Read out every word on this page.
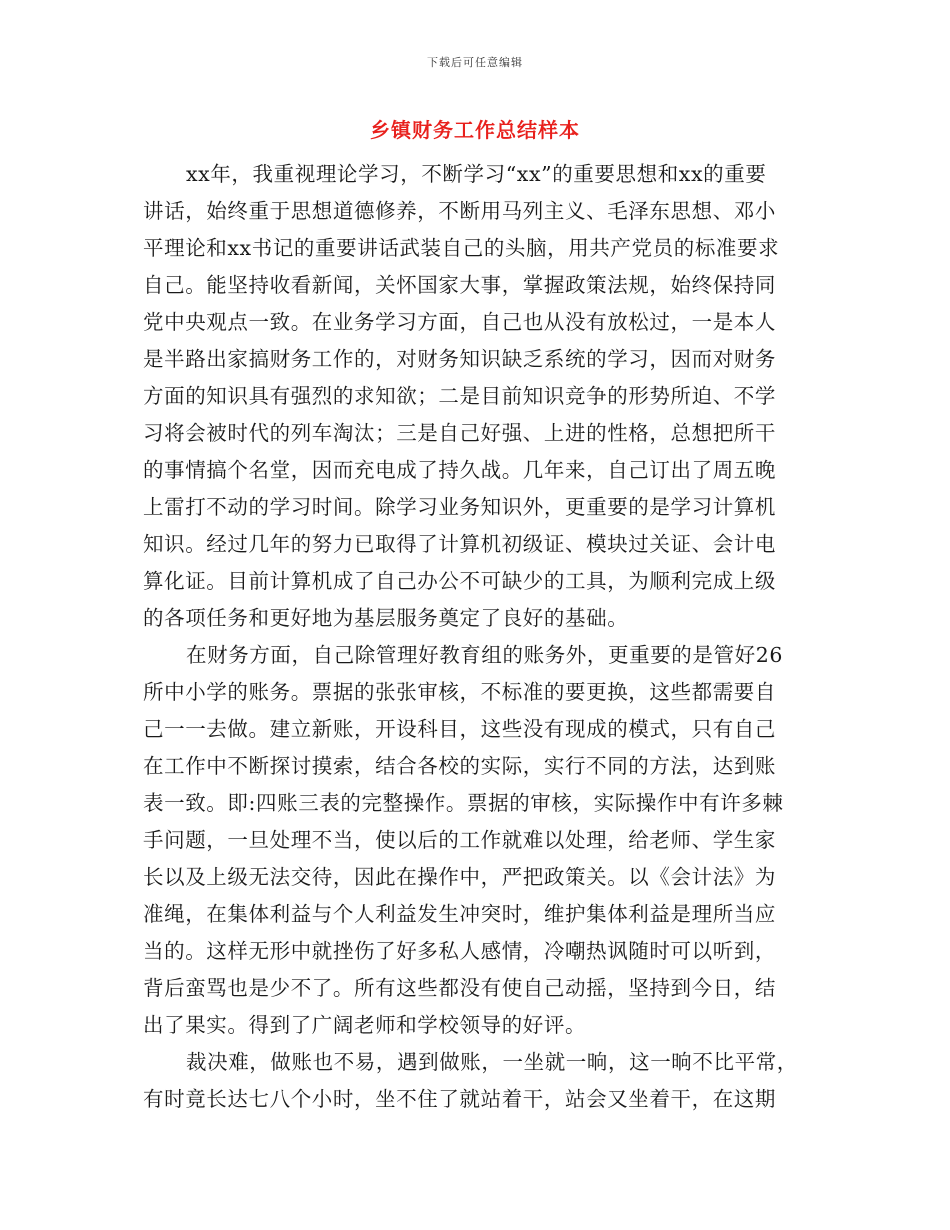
下载后可任意编辑
乡镇财务工作总结样本
xx年，我重视理论学习，不断学习“xx”的重要思想和xx的重要
讲话，始终重于思想道德修养，不断用马列主义、毛泽东思想、邓小
平理论和xx书记的重要讲话武装自己的头脑，用共产党员的标准要求
自己。能坚持收看新闻，关怀国家大事，掌握政策法规，始终保持同
党中央观点一致。在业务学习方面，自己也从没有放松过，一是本人
是半路出家搞财务工作的，对财务知识缺乏系统的学习，因而对财务
方面的知识具有强烈的求知欲；二是目前知识竞争的形势所迫、不学
习将会被时代的列车淘汰；三是自己好强、上进的性格，总想把所干
的事情搞个名堂，因而充电成了持久战。几年来，自己订出了周五晚
上雷打不动的学习时间。除学习业务知识外，更重要的是学习计算机
知识。经过几年的努力已取得了计算机初级证、模块过关证、会计电
算化证。目前计算机成了自己办公不可缺少的工具，为顺利完成上级
的各项任务和更好地为基层服务奠定了良好的基础。
在财务方面，自己除管理好教育组的账务外，更重要的是管好26
所中小学的账务。票据的张张审核，不标准的要更换，这些都需要自
己一一去做。建立新账，开设科目，这些没有现成的模式，只有自己
在工作中不断探讨摸索，结合各校的实际，实行不同的方法，达到账
表一致。即:四账三表的完整操作。票据的审核，实际操作中有许多棘
手问题，一旦处理不当，使以后的工作就难以处理，给老师、学生家
长以及上级无法交待，因此在操作中，严把政策关。以《会计法》为
准绳，在集体利益与个人利益发生冲突时，维护集体利益是理所当应
当的。这样无形中就挫伤了好多私人感情，冷嘲热讽随时可以听到，
背后蛮骂也是少不了。所有这些都没有使自己动摇，坚持到今日，结
出了果实。得到了广阔老师和学校领导的好评。
裁决难，做账也不易，遇到做账，一坐就一晌，这一晌不比平常，
有时竟长达七八个小时，坐不住了就站着干，站会又坐着干，在这期
